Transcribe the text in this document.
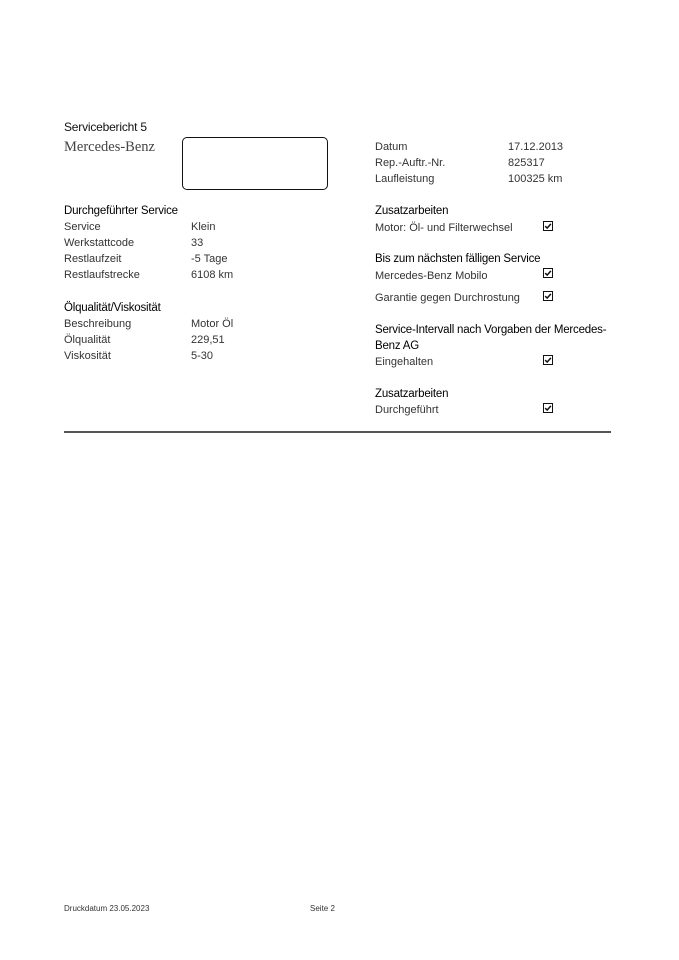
Servicebericht 5
Mercedes-Benz	Datum	17.12.2013
Rep.-Auftr.-Nr.	825317
Laufleistung	100325 km
Durchgeführter Service
Service	Klein
Werkstattcode	33
Restlaufzeit	-5 Tage
Restlaufstrecke	6108 km
Ölqualität/Viskosität
Beschreibung	Motor Öl
Ölqualität	229,51
Viskosität	5-30
Zusatzarbeiten
Motor: Öl- und Filterwechsel
Bis zum nächsten fälligen Service
Mercedes-Benz Mobilo
Garantie gegen Durchrostung
Service-Intervall nach Vorgaben der Mercedes-
Benz AG
Eingehalten
Zusatzarbeiten
Durchgeführt
Druckdatum 23.05.2023	Seite 2
